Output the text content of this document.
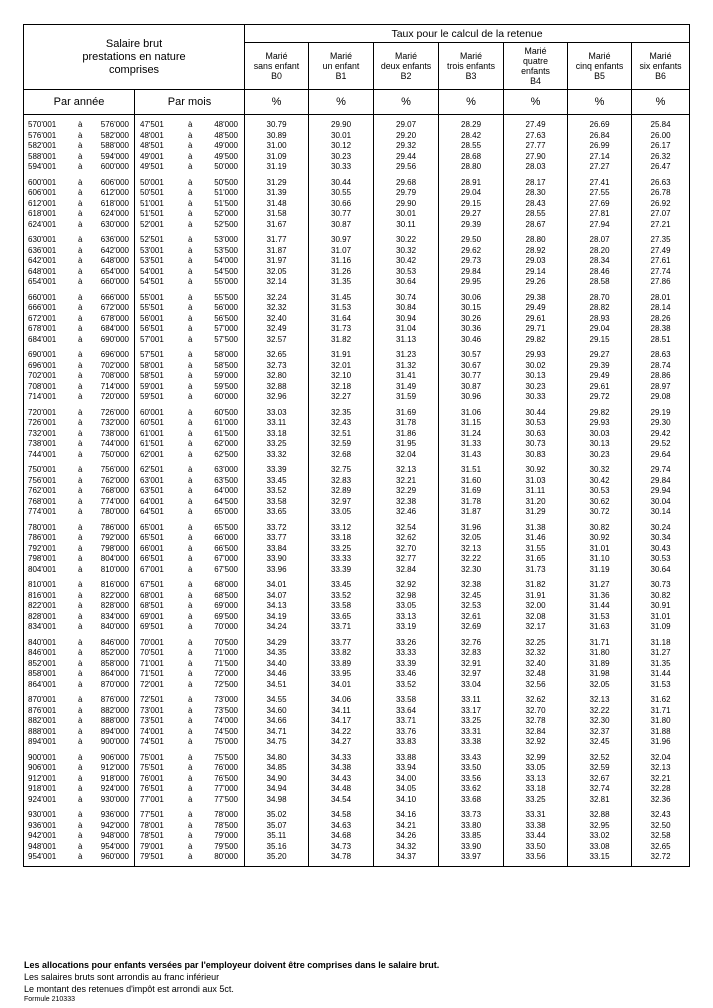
Salaire brut
prestations en nature
comprises		Taux pour le calcul de la retenue						
		Marié
sans enfant
B0	Marié
un enfant
B1	Marié
deux enfants
B2	Marié
trois enfants
B3	Marié
quatre
enfants
B4	Marié
cinq enfants
B5	Marié
six enfants
B6
Par année	Par mois	%	%	%	%	%	%	%

570'001 à 576'000	47'501 à 48'000	30.79	29.90	29.07	28.29	27.49	26.69	25.84

576'001 à 582'000	48'001 à 48'500	30.89	30.01	29.20	28.42	27.63	26.84	26.00

582'001 à 588'000	48'501 à 49'000	31.00	30.12	29.32	28.55	27.77	26.99	26.17

588'001 à 594'000	49'001 à 49'500	31.09	30.23	29.44	28.68	27.90	27.14	26.32

594'001 à 600'000	49'501 à 50'000	31.19	30.33	29.56	28.80	28.03	27.27	26.47

600'001 à 606'000	50'001 à 50'500	31.29	30.44	29.68	28.91	28.17	27.41	26.63

606'001 à 612'000	50'501 à 51'000	31.39	30.55	29.79	29.04	28.30	27.55	26.78

612'001 à 618'000	51'001 à 51'500	31.48	30.66	29.90	29.15	28.43	27.69	26.92

618'001 à 624'000	51'501 à 52'000	31.58	30.77	30.01	29.27	28.55	27.81	27.07

624'001 à 630'000	52'001 à 52'500	31.67	30.87	30.11	29.39	28.67	27.94	27.21

630'001 à 636'000	52'501 à 53'000	31.77	30.97	30.22	29.50	28.80	28.07	27.35

636'001 à 642'000	53'001 à 53'500	31.87	31.07	30.32	29.62	28.92	28.20	27.49

642'001 à 648'000	53'501 à 54'000	31.97	31.16	30.42	29.73	29.03	28.34	27.61

648'001 à 654'000	54'001 à 54'500	32.05	31.26	30.53	29.84	29.14	28.46	27.74

654'001 à 660'000	54'501 à 55'000	32.14	31.35	30.64	29.95	29.26	28.58	27.86

660'001 à 666'000	55'001 à 55'500	32.24	31.45	30.74	30.06	29.38	28.70	28.01

666'001 à 672'000	55'501 à 56'000	32.32	31.53	30.84	30.15	29.49	28.82	28.14

672'001 à 678'000	56'001 à 56'500	32.40	31.64	30.94	30.26	29.61	28.93	28.26

678'001 à 684'000	56'501 à 57'000	32.49	31.73	31.04	30.36	29.71	29.04	28.38

684'001 à 690'000	57'001 à 57'500	32.57	31.82	31.13	30.46	29.82	29.15	28.51

690'001 à 696'000	57'501 à 58'000	32.65	31.91	31.23	30.57	29.93	29.27	28.63

696'001 à 702'000	58'001 à 58'500	32.73	32.01	31.32	30.67	30.02	29.39	28.74

702'001 à 708'000	58'501 à 59'000	32.80	32.10	31.41	30.77	30.13	29.49	28.86

708'001 à 714'000	59'001 à 59'500	32.88	32.18	31.49	30.87	30.23	29.61	28.97

714'001 à 720'000	59'501 à 60'000	32.96	32.27	31.59	30.96	30.33	29.72	29.08

720'001 à 726'000	60'001 à 60'500	33.03	32.35	31.69	31.06	30.44	29.82	29.19

726'001 à 732'000	60'501 à 61'000	33.11	32.43	31.78	31.15	30.53	29.93	29.30

732'001 à 738'000	61'001 à 61'500	33.18	32.51	31.86	31.24	30.63	30.03	29.42

738'001 à 744'000	61'501 à 62'000	33.25	32.59	31.95	31.33	30.73	30.13	29.52

744'001 à 750'000	62'001 à 62'500	33.32	32.68	32.04	31.43	30.83	30.23	29.64

750'001 à 756'000	62'501 à 63'000	33.39	32.75	32.13	31.51	30.92	30.32	29.74

756'001 à 762'000	63'001 à 63'500	33.45	32.83	32.21	31.60	31.03	30.42	29.84

762'001 à 768'000	63'501 à 64'000	33.52	32.89	32.29	31.69	31.11	30.53	29.94

768'001 à 774'000	64'001 à 64'500	33.58	32.97	32.38	31.78	31.20	30.62	30.04

774'001 à 780'000	64'501 à 65'000	33.65	33.05	32.46	31.87	31.29	30.72	30.14

780'001 à 786'000	65'001 à 65'500	33.72	33.12	32.54	31.96	31.38	30.82	30.24

786'001 à 792'000	65'501 à 66'000	33.77	33.18	32.62	32.05	31.46	30.92	30.34

792'001 à 798'000	66'001 à 66'500	33.84	33.25	32.70	32.13	31.55	31.01	30.43

798'001 à 804'000	66'501 à 67'000	33.90	33.33	32.77	32.22	31.65	31.10	30.53

804'001 à 810'000	67'001 à 67'500	33.96	33.39	32.84	32.30	31.73	31.19	30.64

810'001 à 816'000	67'501 à 68'000	34.01	33.45	32.92	32.38	31.82	31.27	30.73

816'001 à 822'000	68'001 à 68'500	34.07	33.52	32.98	32.45	31.91	31.36	30.82

822'001 à 828'000	68'501 à 69'000	34.13	33.58	33.05	32.53	32.00	31.44	30.91

828'001 à 834'000	69'001 à 69'500	34.19	33.65	33.13	32.61	32.08	31.53	31.01

834'001 à 840'000	69'501 à 70'000	34.24	33.71	33.19	32.69	32.17	31.63	31.09

840'001 à 846'000	70'001 à 70'500	34.29	33.77	33.26	32.76	32.25	31.71	31.18

846'001 à 852'000	70'501 à 71'000	34.35	33.82	33.33	32.83	32.32	31.80	31.27

852'001 à 858'000	71'001 à 71'500	34.40	33.89	33.39	32.91	32.40	31.89	31.35

858'001 à 864'000	71'501 à 72'000	34.46	33.95	33.46	32.97	32.48	31.98	31.44

864'001 à 870'000	72'001 à 72'500	34.51	34.01	33.52	33.04	32.56	32.05	31.53

870'001 à 876'000	72'501 à 73'000	34.55	34.06	33.58	33.11	32.62	32.13	31.62

876'001 à 882'000	73'001 à 73'500	34.60	34.11	33.64	33.17	32.70	32.22	31.71

882'001 à 888'000	73'501 à 74'000	34.66	34.17	33.71	33.25	32.78	32.30	31.80

888'001 à 894'000	74'001 à 74'500	34.71	34.22	33.76	33.31	32.84	32.37	31.88

894'001 à 900'000	74'501 à 75'000	34.75	34.27	33.83	33.38	32.92	32.45	31.96

900'001 à 906'000	75'001 à 75'500	34.80	34.33	33.88	33.43	32.99	32.52	32.04

906'001 à 912'000	75'501 à 76'000	34.85	34.38	33.94	33.50	33.05	32.59	32.13

912'001 à 918'000	76'001 à 76'500	34.90	34.43	34.00	33.56	33.13	32.67	32.21

918'001 à 924'000	76'501 à 77'000	34.94	34.48	34.05	33.62	33.18	32.74	32.28

924'001 à 930'000	77'001 à 77'500	34.98	34.54	34.10	33.68	33.25	32.81	32.36

930'001 à 936'000	77'501 à 78'000	35.02	34.58	34.16	33.73	33.31	32.88	32.43

936'001 à 942'000	78'001 à 78'500	35.07	34.63	34.21	33.80	33.38	32.95	32.50

942'001 à 948'000	78'501 à 79'000	35.11	34.68	34.26	33.85	33.44	33.02	32.58

948'001 à 954'000	79'001 à 79'500	35.16	34.73	34.32	33.90	33.50	33.08	32.65

954'001 à 960'000	79'501 à 80'000	35.20	34.78	34.37	33.97	33.56	33.15	32.72
Les allocations pour enfants versées par l'employeur doivent être comprises dans le salaire brut.
Les salaires bruts sont arrondis au franc inférieur
Le montant des retenues d'impôt est arrondi aux 5ct.
Formule 210333
